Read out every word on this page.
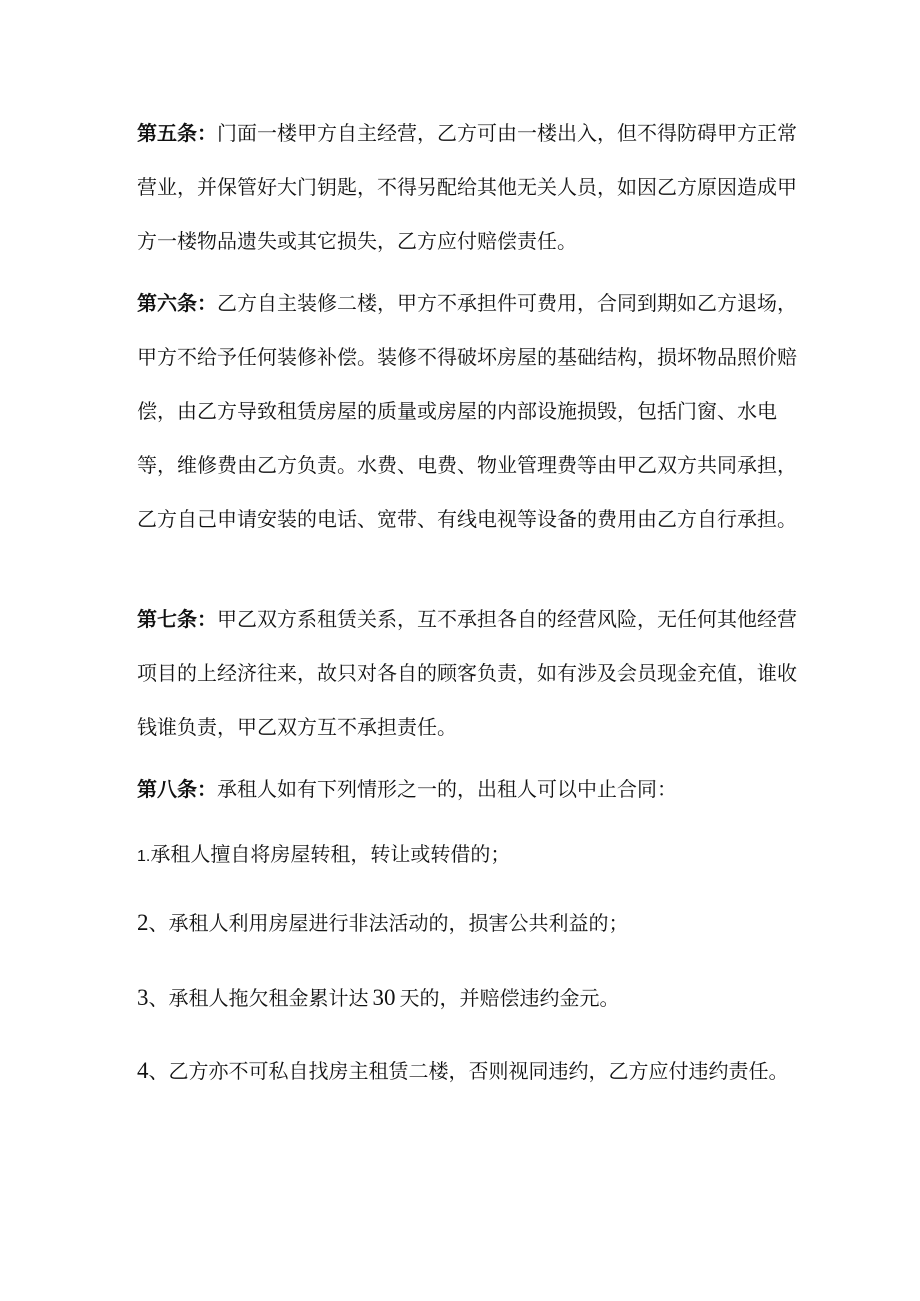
第五条：门面一楼甲方自主经营，乙方可由一楼出入，但不得防碍甲方正常营业，并保管好大门钥匙，不得另配给其他无关人员，如因乙方原因造成甲方一楼物品遗失或其它损失，乙方应付赔偿责任。

第六条：乙方自主装修二楼，甲方不承担件可费用，合同到期如乙方退场，甲方不给予任何装修补偿。装修不得破坏房屋的基础结构，损坏物品照价赔偿，由乙方导致租赁房屋的质量或房屋的内部设施损毁，包括门窗、水电等，维修费由乙方负责。水费、电费、物业管理费等由甲乙双方共同承担，乙方自己申请安装的电话、宽带、有线电视等设备的费用由乙方自行承担。

第七条：甲乙双方系租赁关系，互不承担各自的经营风险，无任何其他经营项目的上经济往来，故只对各自的顾客负责，如有涉及会员现金充值，谁收钱谁负责，甲乙双方互不承担责任。

第八条：承租人如有下列情形之一的，出租人可以中止合同：

1.承租人擅自将房屋转租，转让或转借的；

2、承租人利用房屋进行非法活动的，损害公共利益的；

3、承租人拖欠租金累计达 30 天的，并赔偿违约金元。

4、乙方亦不可私自找房主租赁二楼，否则视同违约，乙方应付违约责任。
